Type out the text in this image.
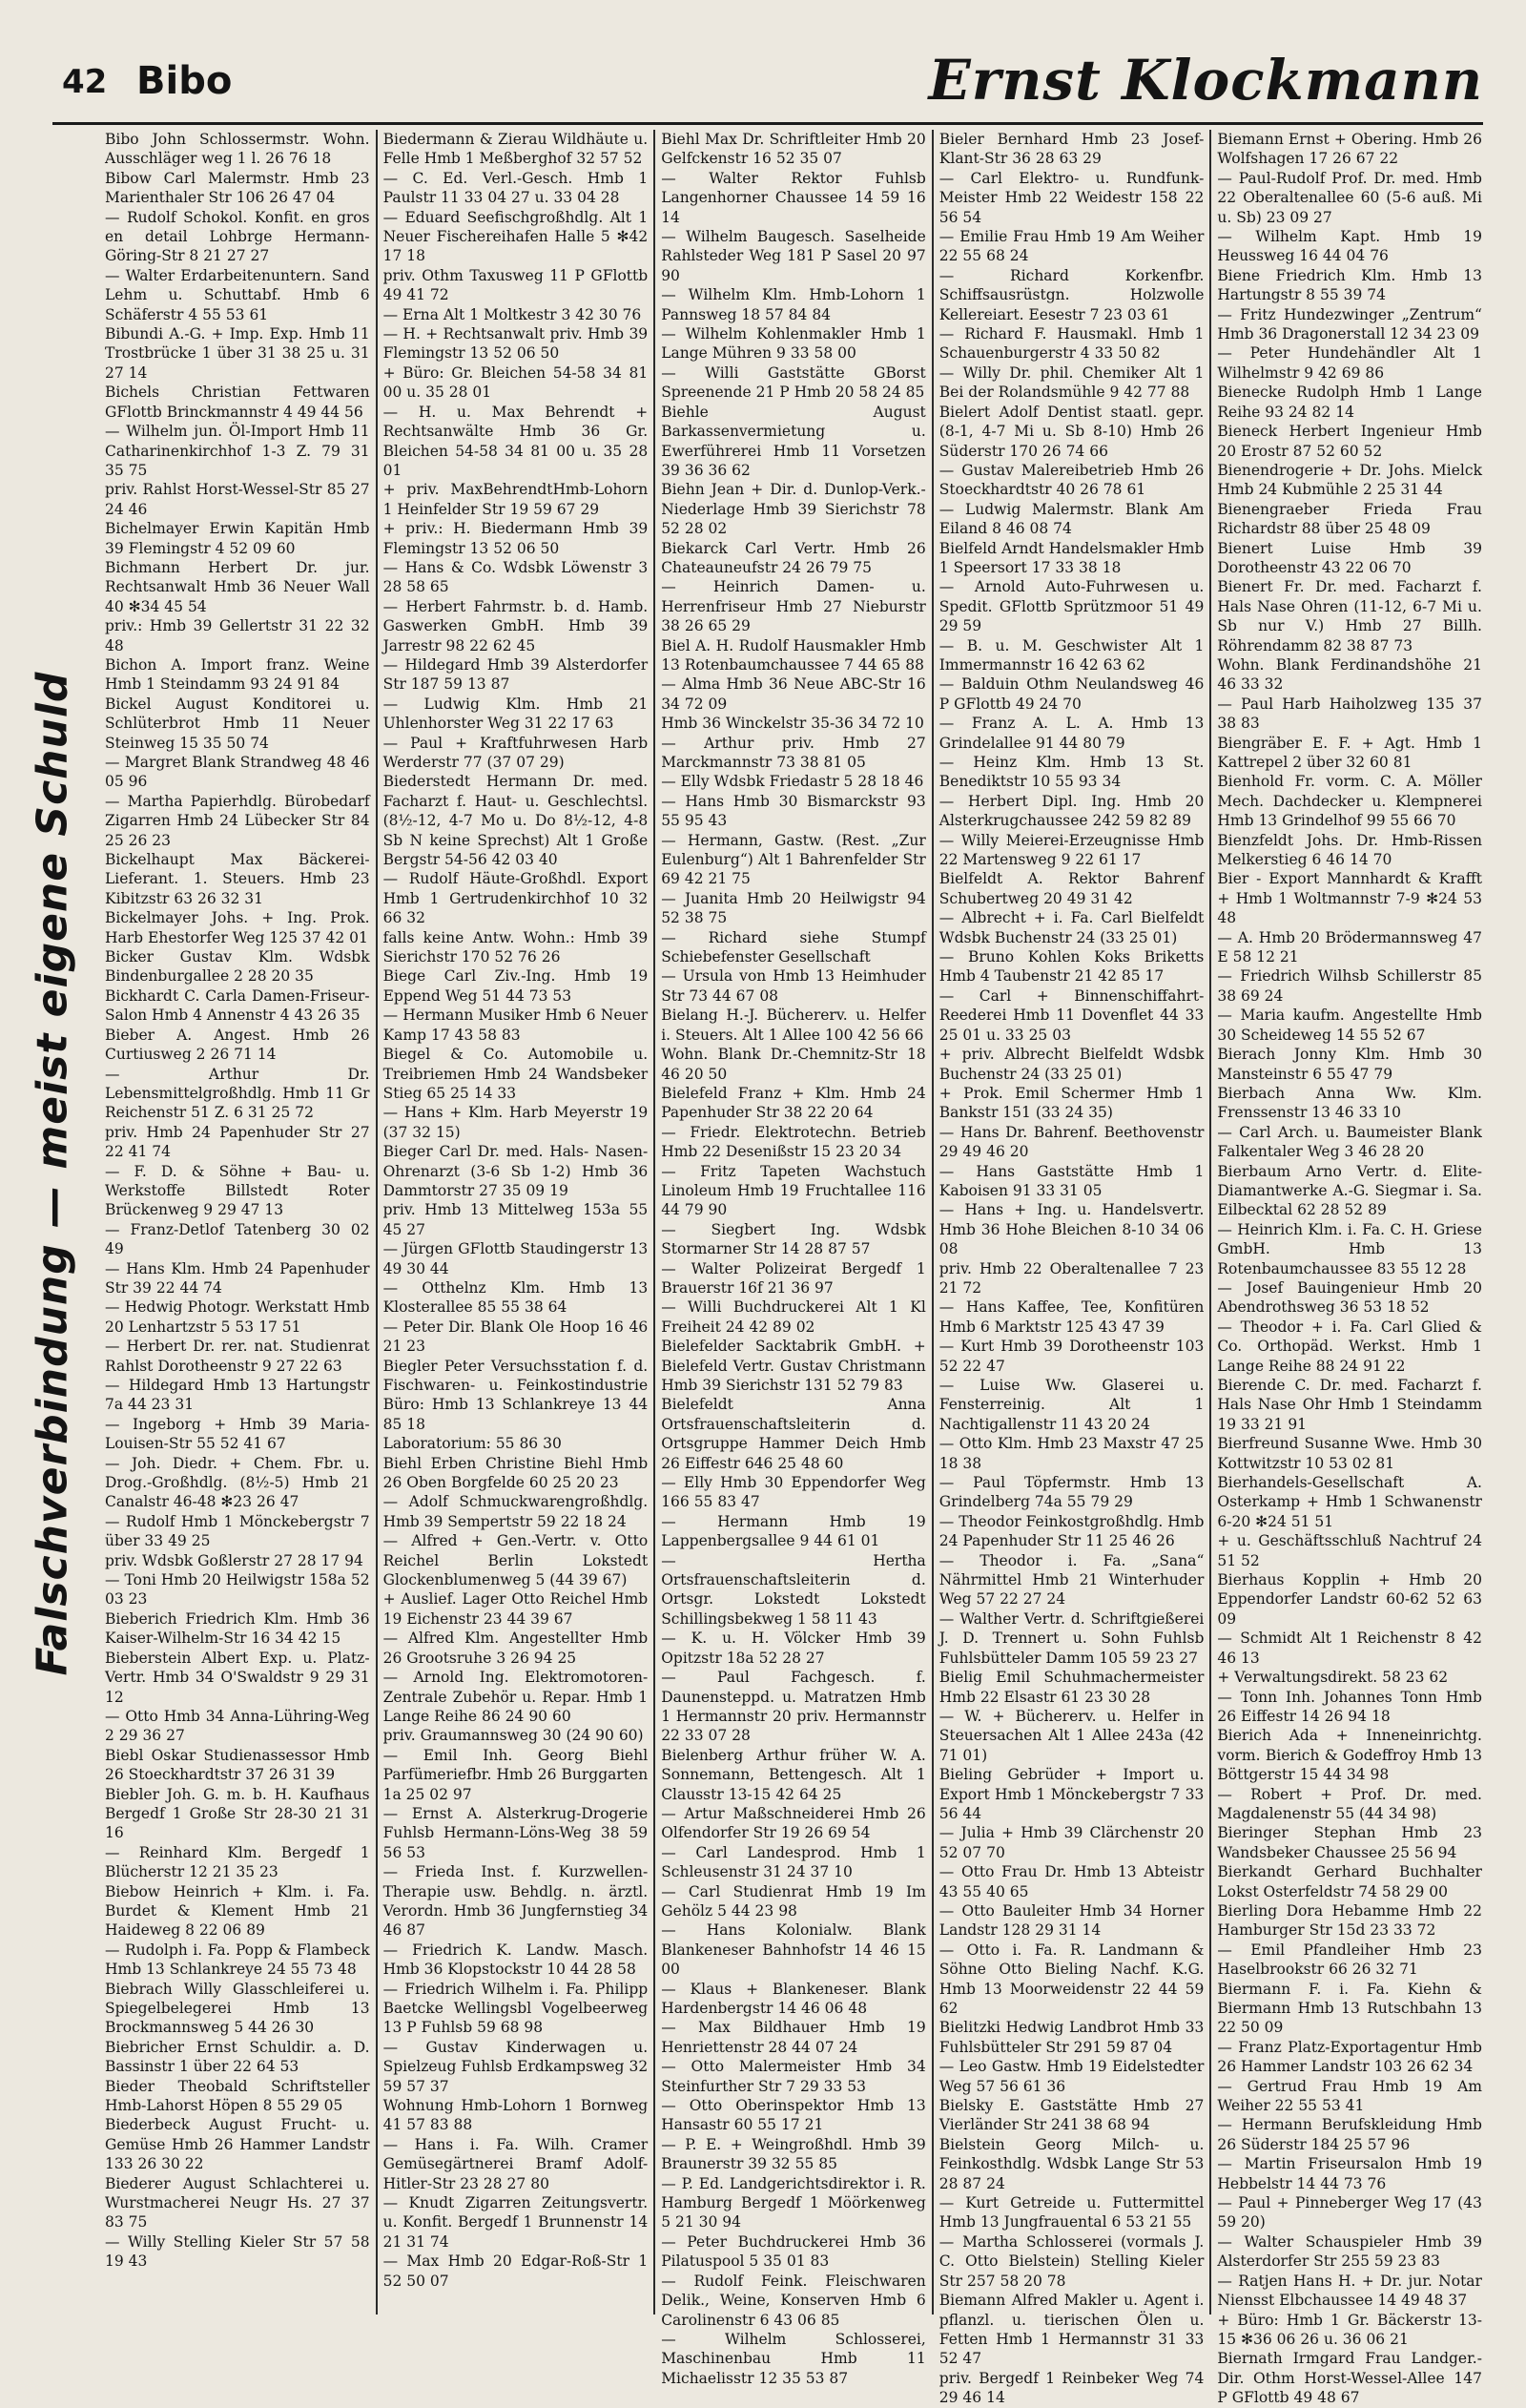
42 Bibo	Ernst Klockmann
Falschverbindung — meist eigene Schuld

Bibo John Schlossermstr. Wohn. Ausschläger weg 1 l. 26 76 18

Bibow Carl Malermstr. Hmb 23 Marienthaler Str 106 26 47 04

— Rudolf Schokol. Konfit. en gros en detail Lohbrge Hermann-Göring-Str 8 21 27 27

— Walter Erdarbeitenuntern. Sand Lehm u. Schuttabf. Hmb 6 Schäferstr 4 55 53 61

Bibundi A.-G. + Imp. Exp. Hmb 11 Trostbrücke 1 über 31 38 25 u. 31 27 14

Bichels Christian Fettwaren GFlottb Brinckmannstr 4 49 44 56

— Wilhelm jun. Öl-Import Hmb 11 Catharinenkirchhof 1-3 Z. 79 31 35 75

priv. Rahlst Horst-Wessel-Str 85 27 24 46

Bichelmayer Erwin Kapitän Hmb 39 Flemingstr 4 52 09 60

Bichmann Herbert Dr. jur. Rechtsanwalt Hmb 36 Neuer Wall 40 ✻34 45 54

priv.: Hmb 39 Gellertstr 31 22 32 48

Bichon A. Import franz. Weine Hmb 1 Steindamm 93 24 91 84

Bickel August Konditorei u. Schlüterbrot Hmb 11 Neuer Steinweg 15 35 50 74

— Margret Blank Strandweg 48 46 05 96

— Martha Papierhdlg. Bürobedarf Zigarren Hmb 24 Lübecker Str 84 25 26 23

Bickelhaupt Max Bäckerei-Lieferant. 1. Steuers. Hmb 23 Kibitzstr 63 26 32 31

Bickelmayer Johs. + Ing. Prok. Harb Ehestorfer Weg 125 37 42 01

Bicker Gustav Klm. Wdsbk Bindenburgallee 2 28 20 35

Bickhardt C. Carla Damen-Friseur-Salon Hmb 4 Annenstr 4 43 26 35

Bieber A. Angest. Hmb 26 Curtiusweg 2 26 71 14

— Arthur Dr. Lebensmittelgroßhdlg. Hmb 11 Gr Reichenstr 51 Z. 6 31 25 72

priv. Hmb 24 Papenhuder Str 27 22 41 74

— F. D. & Söhne + Bau- u. Werkstoffe Billstedt Roter Brückenweg 9 29 47 13

— Franz-Detlof Tatenberg 30 02 49

— Hans Klm. Hmb 24 Papenhuder Str 39 22 44 74

— Hedwig Photogr. Werkstatt Hmb 20 Lenhartzstr 5 53 17 51

— Herbert Dr. rer. nat. Studienrat Rahlst Dorotheenstr 9 27 22 63

— Hildegard Hmb 13 Hartungstr 7a 44 23 31

— Ingeborg + Hmb 39 Maria-Louisen-Str 55 52 41 67

— Joh. Diedr. + Chem. Fbr. u. Drog.-Großhdlg. (8½-5) Hmb 21 Canalstr 46-48 ✻23 26 47

— Rudolf Hmb 1 Mönckebergstr 7 über 33 49 25

priv. Wdsbk Goßlerstr 27 28 17 94

— Toni Hmb 20 Heilwigstr 158a 52 03 23

Bieberich Friedrich Klm. Hmb 36 Kaiser-Wilhelm-Str 16 34 42 15

Bieberstein Albert Exp. u. Platz-Vertr. Hmb 34 O'Swaldstr 9 29 31 12

— Otto Hmb 34 Anna-Lühring-Weg 2 29 36 27

Biebl Oskar Studienassessor Hmb 26 Stoeckhardtstr 37 26 31 39

Biebler Joh. G. m. b. H. Kaufhaus Bergedf 1 Große Str 28-30 21 31 16

— Reinhard Klm. Bergedf 1 Blücherstr 12 21 35 23

Biebow Heinrich + Klm. i. Fa. Burdet & Klement Hmb 21 Haideweg 8 22 06 89

— Rudolph i. Fa. Popp & Flambeck Hmb 13 Schlankreye 24 55 73 48

Biebrach Willy Glasschleiferei u. Spiegelbelegerei Hmb 13 Brockmannsweg 5 44 26 30

Biebricher Ernst Schuldir. a. D. Bassinstr 1 über 22 64 53

Bieder Theobald Schriftsteller Hmb-Lahorst Höpen 8 55 29 05

Biederbeck August Frucht- u. Gemüse Hmb 26 Hammer Landstr 133 26 30 22

Biederer August Schlachterei u. Wurstmacherei Neugr Hs. 27 37 83 75

— Willy Stelling Kieler Str 57 58 19 43

Biedermann & Zierau Wildhäute u. Felle Hmb 1 Meßberghof 32 57 52

— C. Ed. Verl.-Gesch. Hmb 1 Paulstr 11 33 04 27 u. 33 04 28

— Eduard Seefischgroßhdlg. Alt 1 Neuer Fischereihafen Halle 5 ✻42 17 18

priv. Othm Taxusweg 11 P GFlottb 49 41 72

— Erna Alt 1 Moltkestr 3 42 30 76

— H. + Rechtsanwalt priv. Hmb 39 Flemingstr 13 52 06 50

+ Büro: Gr. Bleichen 54-58 34 81 00 u. 35 28 01

— H. u. Max Behrendt + Rechtsanwälte Hmb 36 Gr. Bleichen 54-58 34 81 00 u. 35 28 01

+ priv. MaxBehrendtHmb-Lohorn 1 Heinfelder Str 19 59 67 29

+ priv.: H. Biedermann Hmb 39 Flemingstr 13 52 06 50

— Hans & Co. Wdsbk Löwenstr 3 28 58 65

— Herbert Fahrmstr. b. d. Hamb. Gaswerken GmbH. Hmb 39 Jarrestr 98 22 62 45

— Hildegard Hmb 39 Alsterdorfer Str 187 59 13 87

— Ludwig Klm. Hmb 21 Uhlenhorster Weg 31 22 17 63

— Paul + Kraftfuhrwesen Harb Werderstr 77 (37 07 29)

Biederstedt Hermann Dr. med. Facharzt f. Haut- u. Geschlechtsl. (8½-12, 4-7 Mo u. Do 8½-12, 4-8 Sb N keine Sprechst) Alt 1 Große Bergstr 54-56 42 03 40

— Rudolf Häute-Großhdl. Export Hmb 1 Gertrudenkirchhof 10 32 66 32

falls keine Antw. Wohn.: Hmb 39 Sierichstr 170 52 76 26

Biege Carl Ziv.-Ing. Hmb 19 Eppend Weg 51 44 73 53

— Hermann Musiker Hmb 6 Neuer Kamp 17 43 58 83

Biegel & Co. Automobile u. Treibriemen Hmb 24 Wandsbeker Stieg 65 25 14 33

— Hans + Klm. Harb Meyerstr 19 (37 32 15)

Bieger Carl Dr. med. Hals- Nasen- Ohrenarzt (3-6 Sb 1-2) Hmb 36 Dammtorstr 27 35 09 19

priv. Hmb 13 Mittelweg 153a 55 45 27

— Jürgen GFlottb Staudingerstr 13 49 30 44

— Otthelnz Klm. Hmb 13 Klosterallee 85 55 38 64

— Peter Dir. Blank Ole Hoop 16 46 21 23

Biegler Peter Versuchsstation f. d. Fischwaren- u. Feinkostindustrie Büro: Hmb 13 Schlankreye 13 44 85 18

Laboratorium: 55 86 30

Biehl Erben Christine Biehl Hmb 26 Oben Borgfelde 60 25 20 23

— Adolf Schmuckwarengroßhdlg. Hmb 39 Sempertstr 59 22 18 24

— Alfred + Gen.-Vertr. v. Otto Reichel Berlin Lokstedt Glockenblumenweg 5 (44 39 67)

+ Auslief. Lager Otto Reichel Hmb 19 Eichenstr 23 44 39 67

— Alfred Klm. Angestellter Hmb 26 Grootsruhe 3 26 94 25

— Arnold Ing. Elektromotoren-Zentrale Zubehör u. Repar. Hmb 1 Lange Reihe 86 24 90 60

priv. Graumannsweg 30 (24 90 60)

— Emil Inh. Georg Biehl Parfümeriefbr. Hmb 26 Burggarten 1a 25 02 97

— Ernst A. Alsterkrug-Drogerie Fuhlsb Hermann-Löns-Weg 38 59 56 53

— Frieda Inst. f. Kurzwellen-Therapie usw. Behdlg. n. ärztl. Verordn. Hmb 36 Jungfernstieg 34 46 87

— Friedrich K. Landw. Masch. Hmb 36 Klopstockstr 10 44 28 58

— Friedrich Wilhelm i. Fa. Philipp Baetcke Wellingsbl Vogelbeerweg 13 P Fuhlsb 59 68 98

— Gustav Kinderwagen u. Spielzeug Fuhlsb Erdkampsweg 32 59 57 37

Wohnung Hmb-Lohorn 1 Bornweg 41 57 83 88

— Hans i. Fa. Wilh. Cramer Gemüsegärtnerei Bramf Adolf-Hitler-Str 23 28 27 80

— Knudt Zigarren Zeitungsvertr. u. Konfit. Bergedf 1 Brunnenstr 14 21 31 74

— Max Hmb 20 Edgar-Roß-Str 1 52 50 07

Biehl Max Dr. Schriftleiter Hmb 20 Gelfckenstr 16 52 35 07

— Walter Rektor Fuhlsb Langenhorner Chaussee 14 59 16 14

— Wilhelm Baugesch. Saselheide Rahlsteder Weg 181 P Sasel 20 97 90

— Wilhelm Klm. Hmb-Lohorn 1 Pannsweg 18 57 84 84

— Wilhelm Kohlenmakler Hmb 1 Lange Mühren 9 33 58 00

— Willi Gaststätte GBorst Spreenende 21 P Hmb 20 58 24 85

Biehle August Barkassenvermietung u. Ewerführerei Hmb 11 Vorsetzen 39 36 36 62

Biehn Jean + Dir. d. Dunlop-Verk.-Niederlage Hmb 39 Sierichstr 78 52 28 02

Biekarck Carl Vertr. Hmb 26 Chateauneufstr 24 26 79 75

— Heinrich Damen- u. Herrenfriseur Hmb 27 Nieburstr 38 26 65 29

Biel A. H. Rudolf Hausmakler Hmb 13 Rotenbaumchaussee 7 44 65 88

— Alma Hmb 36 Neue ABC-Str 16 34 72 09

Hmb 36 Winckelstr 35-36 34 72 10

— Arthur priv. Hmb 27 Marckmannstr 73 38 81 05

— Elly Wdsbk Friedastr 5 28 18 46

— Hans Hmb 30 Bismarckstr 93 55 95 43

— Hermann, Gastw. (Rest. „Zur Eulenburg“) Alt 1 Bahrenfelder Str 69 42 21 75

— Juanita Hmb 20 Heilwigstr 94 52 38 75

— Richard siehe Stumpf Schiebefenster Gesellschaft

— Ursula von Hmb 13 Heimhuder Str 73 44 67 08

Bielang H.-J. Büchererv. u. Helfer i. Steuers. Alt 1 Allee 100 42 56 66

Wohn. Blank Dr.-Chemnitz-Str 18 46 20 50

Bielefeld Franz + Klm. Hmb 24 Papenhuder Str 38 22 20 64

— Friedr. Elektrotechn. Betrieb Hmb 22 Desenißstr 15 23 20 34

— Fritz Tapeten Wachstuch Linoleum Hmb 19 Fruchtallee 116 44 79 90

— Siegbert Ing. Wdsbk Stormarner Str 14 28 87 57

— Walter Polizeirat Bergedf 1 Brauerstr 16f 21 36 97

— Willi Buchdruckerei Alt 1 Kl Freiheit 24 42 89 02

Bielefelder Sacktabrik GmbH. + Bielefeld Vertr. Gustav Christmann Hmb 39 Sierichstr 131 52 79 83

Bielefeldt Anna Ortsfrauenschaftsleiterin d. Ortsgruppe Hammer Deich Hmb 26 Eiffestr 646 25 48 60

— Elly Hmb 30 Eppendorfer Weg 166 55 83 47

— Hermann Hmb 19 Lappenbergsallee 9 44 61 01

— Hertha Ortsfrauenschaftsleiterin d. Ortsgr. Lokstedt Lokstedt Schillingsbekweg 1 58 11 43

— K. u. H. Völcker Hmb 39 Opitzstr 18a 52 28 27

— Paul Fachgesch. f. Daunensteppd. u. Matratzen Hmb 1 Hermannstr 20 priv. Hermannstr 22 33 07 28

Bielenberg Arthur früher W. A. Sonnemann, Bettengesch. Alt 1 Clausstr 13-15 42 64 25

— Artur Maßschneiderei Hmb 26 Olfendorfer Str 19 26 69 54

— Carl Landesprod. Hmb 1 Schleusenstr 31 24 37 10

— Carl Studienrat Hmb 19 Im Gehölz 5 44 23 98

— Hans Kolonialw. Blank Blankeneser Bahnhofstr 14 46 15 00

— Klaus + Blankeneser. Blank Hardenbergstr 14 46 06 48

— Max Bildhauer Hmb 19 Henriettenstr 28 44 07 24

— Otto Malermeister Hmb 34 Steinfurther Str 7 29 33 53

— Otto Oberinspektor Hmb 13 Hansastr 60 55 17 21

— P. E. + Weingroßhdl. Hmb 39 Braunerstr 39 32 55 85

— P. Ed. Landgerichtsdirektor i. R. Hamburg Bergedf 1 Möörkenweg 5 21 30 94

— Peter Buchdruckerei Hmb 36 Pilatuspool 5 35 01 83

— Rudolf Feink. Fleischwaren Delik., Weine, Konserven Hmb 6 Carolinenstr 6 43 06 85

— Wilhelm Schlosserei, Maschinenbau Hmb 11 Michaelisstr 12 35 53 87

Bieler Bernhard Hmb 23 Josef-Klant-Str 36 28 63 29

— Carl Elektro- u. Rundfunk-Meister Hmb 22 Weidestr 158 22 56 54

— Emilie Frau Hmb 19 Am Weiher 22 55 68 24

— Richard Korkenfbr. Schiffsausrüstgn. Holzwolle Kellereiart. Eesestr 7 23 03 61

— Richard F. Hausmakl. Hmb 1 Schauenburgerstr 4 33 50 82

— Willy Dr. phil. Chemiker Alt 1 Bei der Rolandsmühle 9 42 77 88

Bielert Adolf Dentist staatl. gepr. (8-1, 4-7 Mi u. Sb 8-10) Hmb 26 Süderstr 170 26 74 66

— Gustav Malereibetrieb Hmb 26 Stoeckhardtstr 40 26 78 61

— Ludwig Malermstr. Blank Am Eiland 8 46 08 74

Bielfeld Arndt Handelsmakler Hmb 1 Speersort 17 33 38 18

— Arnold Auto-Fuhrwesen u. Spedit. GFlottb Sprützmoor 51 49 29 59

— B. u. M. Geschwister Alt 1 Immermannstr 16 42 63 62

— Balduin Othm Neulandsweg 46 P GFlottb 49 24 70

— Franz A. L. A. Hmb 13 Grindelallee 91 44 80 79

— Heinz Klm. Hmb 13 St. Benediktstr 10 55 93 34

— Herbert Dipl. Ing. Hmb 20 Alsterkrugchaussee 242 59 82 89

— Willy Meierei-Erzeugnisse Hmb 22 Martensweg 9 22 61 17

Bielfeldt A. Rektor Bahrenf Schubertweg 20 49 31 42

— Albrecht + i. Fa. Carl Bielfeldt Wdsbk Buchenstr 24 (33 25 01)

— Bruno Kohlen Koks Briketts Hmb 4 Taubenstr 21 42 85 17

— Carl + Binnenschiffahrt-Reederei Hmb 11 Dovenflet 44 33 25 01 u. 33 25 03

+ priv. Albrecht Bielfeldt Wdsbk Buchenstr 24 (33 25 01)

+ Prok. Emil Schermer Hmb 1 Bankstr 151 (33 24 35)

— Hans Dr. Bahrenf. Beethovenstr 29 49 46 20

— Hans Gaststätte Hmb 1 Kaboisen 91 33 31 05

— Hans + Ing. u. Handelsvertr. Hmb 36 Hohe Bleichen 8-10 34 06 08

priv. Hmb 22 Oberaltenallee 7 23 21 72

— Hans Kaffee, Tee, Konfitüren Hmb 6 Marktstr 125 43 47 39

— Kurt Hmb 39 Dorotheenstr 103 52 22 47

— Luise Ww. Glaserei u. Fensterreinig. Alt 1 Nachtigallenstr 11 43 20 24

— Otto Klm. Hmb 23 Maxstr 47 25 18 38

— Paul Töpfermstr. Hmb 13 Grindelberg 74a 55 79 29

— Theodor Feinkostgroßhdlg. Hmb 24 Papenhuder Str 11 25 46 26

— Theodor i. Fa. „Sana“ Nährmittel Hmb 21 Winterhuder Weg 57 22 27 24

— Walther Vertr. d. Schriftgießerei J. D. Trennert u. Sohn Fuhlsb Fuhlsbütteler Damm 105 59 23 27

Bielig Emil Schuhmachermeister Hmb 22 Elsastr 61 23 30 28

— W. + Büchererv. u. Helfer in Steuersachen Alt 1 Allee 243a (42 71 01)

Bieling Gebrüder + Import u. Export Hmb 1 Mönckebergstr 7 33 56 44

— Julia + Hmb 39 Clärchenstr 20 52 07 70

— Otto Frau Dr. Hmb 13 Abteistr 43 55 40 65

— Otto Bauleiter Hmb 34 Horner Landstr 128 29 31 14

— Otto i. Fa. R. Landmann & Söhne Otto Bieling Nachf. K.G. Hmb 13 Moorweidenstr 22 44 59 62

Bielitzki Hedwig Landbrot Hmb 33 Fuhlsbütteler Str 291 59 87 04

— Leo Gastw. Hmb 19 Eidelstedter Weg 57 56 61 36

Bielsky E. Gaststätte Hmb 27 Vierländer Str 241 38 68 94

Bielstein Georg Milch- u. Feinkosthdlg. Wdsbk Lange Str 53 28 87 24

— Kurt Getreide u. Futtermittel Hmb 13 Jungfrauental 6 53 21 55

— Martha Schlosserei (vormals J. C. Otto Bielstein) Stelling Kieler Str 257 58 20 78

Biemann Alfred Makler u. Agent i. pflanzl. u. tierischen Ölen u. Fetten Hmb 1 Hermannstr 31 33 52 47

priv. Bergedf 1 Reinbeker Weg 74 29 46 14

Biemann Ernst + Obering. Hmb 26 Wolfshagen 17 26 67 22

— Paul-Rudolf Prof. Dr. med. Hmb 22 Oberaltenallee 60 (5-6 auß. Mi u. Sb) 23 09 27

— Wilhelm Kapt. Hmb 19 Heussweg 16 44 04 76

Biene Friedrich Klm. Hmb 13 Hartungstr 8 55 39 74

— Fritz Hundezwinger „Zentrum“ Hmb 36 Dragonerstall 12 34 23 09

— Peter Hundehändler Alt 1 Wilhelmstr 9 42 69 86

Bienecke Rudolph Hmb 1 Lange Reihe 93 24 82 14

Bieneck Herbert Ingenieur Hmb 20 Erostr 87 52 60 52

Bienendrogerie + Dr. Johs. Mielck Hmb 24 Kubmühle 2 25 31 44

Bienengraeber Frieda Frau Richardstr 88 über 25 48 09

Bienert Luise Hmb 39 Dorotheenstr 43 22 06 70

Bienert Fr. Dr. med. Facharzt f. Hals Nase Ohren (11-12, 6-7 Mi u. Sb nur V.) Hmb 27 Billh. Röhrendamm 82 38 87 73

Wohn. Blank Ferdinandshöhe 21 46 33 32

— Paul Harb Haiholzweg 135 37 38 83

Biengräber E. F. + Agt. Hmb 1 Kattrepel 2 über 32 60 81

Bienhold Fr. vorm. C. A. Möller Mech. Dachdecker u. Klempnerei Hmb 13 Grindelhof 99 55 66 70

Bienzfeldt Johs. Dr. Hmb-Rissen Melkerstieg 6 46 14 70

Bier - Export Mannhardt & Krafft + Hmb 1 Woltmannstr 7-9 ✻24 53 48

— A. Hmb 20 Brödermannsweg 47 E 58 12 21

— Friedrich Wilhsb Schillerstr 85 38 69 24

— Maria kaufm. Angestellte Hmb 30 Scheideweg 14 55 52 67

Bierach Jonny Klm. Hmb 30 Mansteinstr 6 55 47 79

Bierbach Anna Ww. Klm. Frenssenstr 13 46 33 10

— Carl Arch. u. Baumeister Blank Falkentaler Weg 3 46 28 20

Bierbaum Arno Vertr. d. Elite-Diamantwerke A.-G. Siegmar i. Sa. Eilbecktal 62 28 52 89

— Heinrich Klm. i. Fa. C. H. Griese GmbH. Hmb 13 Rotenbaumchaussee 83 55 12 28

— Josef Bauingenieur Hmb 20 Abendrothsweg 36 53 18 52

— Theodor + i. Fa. Carl Glied & Co. Orthopäd. Werkst. Hmb 1 Lange Reihe 88 24 91 22

Bierende C. Dr. med. Facharzt f. Hals Nase Ohr Hmb 1 Steindamm 19 33 21 91

Bierfreund Susanne Wwe. Hmb 30 Kottwitzstr 10 53 02 81

Bierhandels-Gesellschaft A. Osterkamp + Hmb 1 Schwanenstr 6-20 ✻24 51 51

+ u. Geschäftsschluß Nachtruf 24 51 52

Bierhaus Kopplin + Hmb 20 Eppendorfer Landstr 60-62 52 63 09

— Schmidt Alt 1 Reichenstr 8 42 46 13

+ Verwaltungsdirekt. 58 23 62

— Tonn Inh. Johannes Tonn Hmb 26 Eiffestr 14 26 94 18

Bierich Ada + Inneneinrichtg. vorm. Bierich & Godeffroy Hmb 13 Böttgerstr 15 44 34 98

— Robert + Prof. Dr. med. Magdalenenstr 55 (44 34 98)

Bieringer Stephan Hmb 23 Wandsbeker Chaussee 25 56 94

Bierkandt Gerhard Buchhalter Lokst Osterfeldstr 74 58 29 00

Bierling Dora Hebamme Hmb 22 Hamburger Str 15d 23 33 72

— Emil Pfandleiher Hmb 23 Haselbrookstr 66 26 32 71

Biermann F. i. Fa. Kiehn & Biermann Hmb 13 Rutschbahn 13 22 50 09

— Franz Platz-Exportagentur Hmb 26 Hammer Landstr 103 26 62 34

— Gertrud Frau Hmb 19 Am Weiher 22 55 53 41

— Hermann Berufskleidung Hmb 26 Süderstr 184 25 57 96

— Martin Friseursalon Hmb 19 Hebbelstr 14 44 73 76

— Paul + Pinneberger Weg 17 (43 59 20)

— Walter Schauspieler Hmb 39 Alsterdorfer Str 255 59 23 83

— Ratjen Hans H. + Dr. jur. Notar Niensst Elbchaussee 14 49 48 37

+ Büro: Hmb 1 Gr. Bäckerstr 13-15 ✻36 06 26 u. 36 06 21

Biernath Irmgard Frau Landger.-Dir. Othm Horst-Wessel-Allee 147 P GFlottb 49 48 67
